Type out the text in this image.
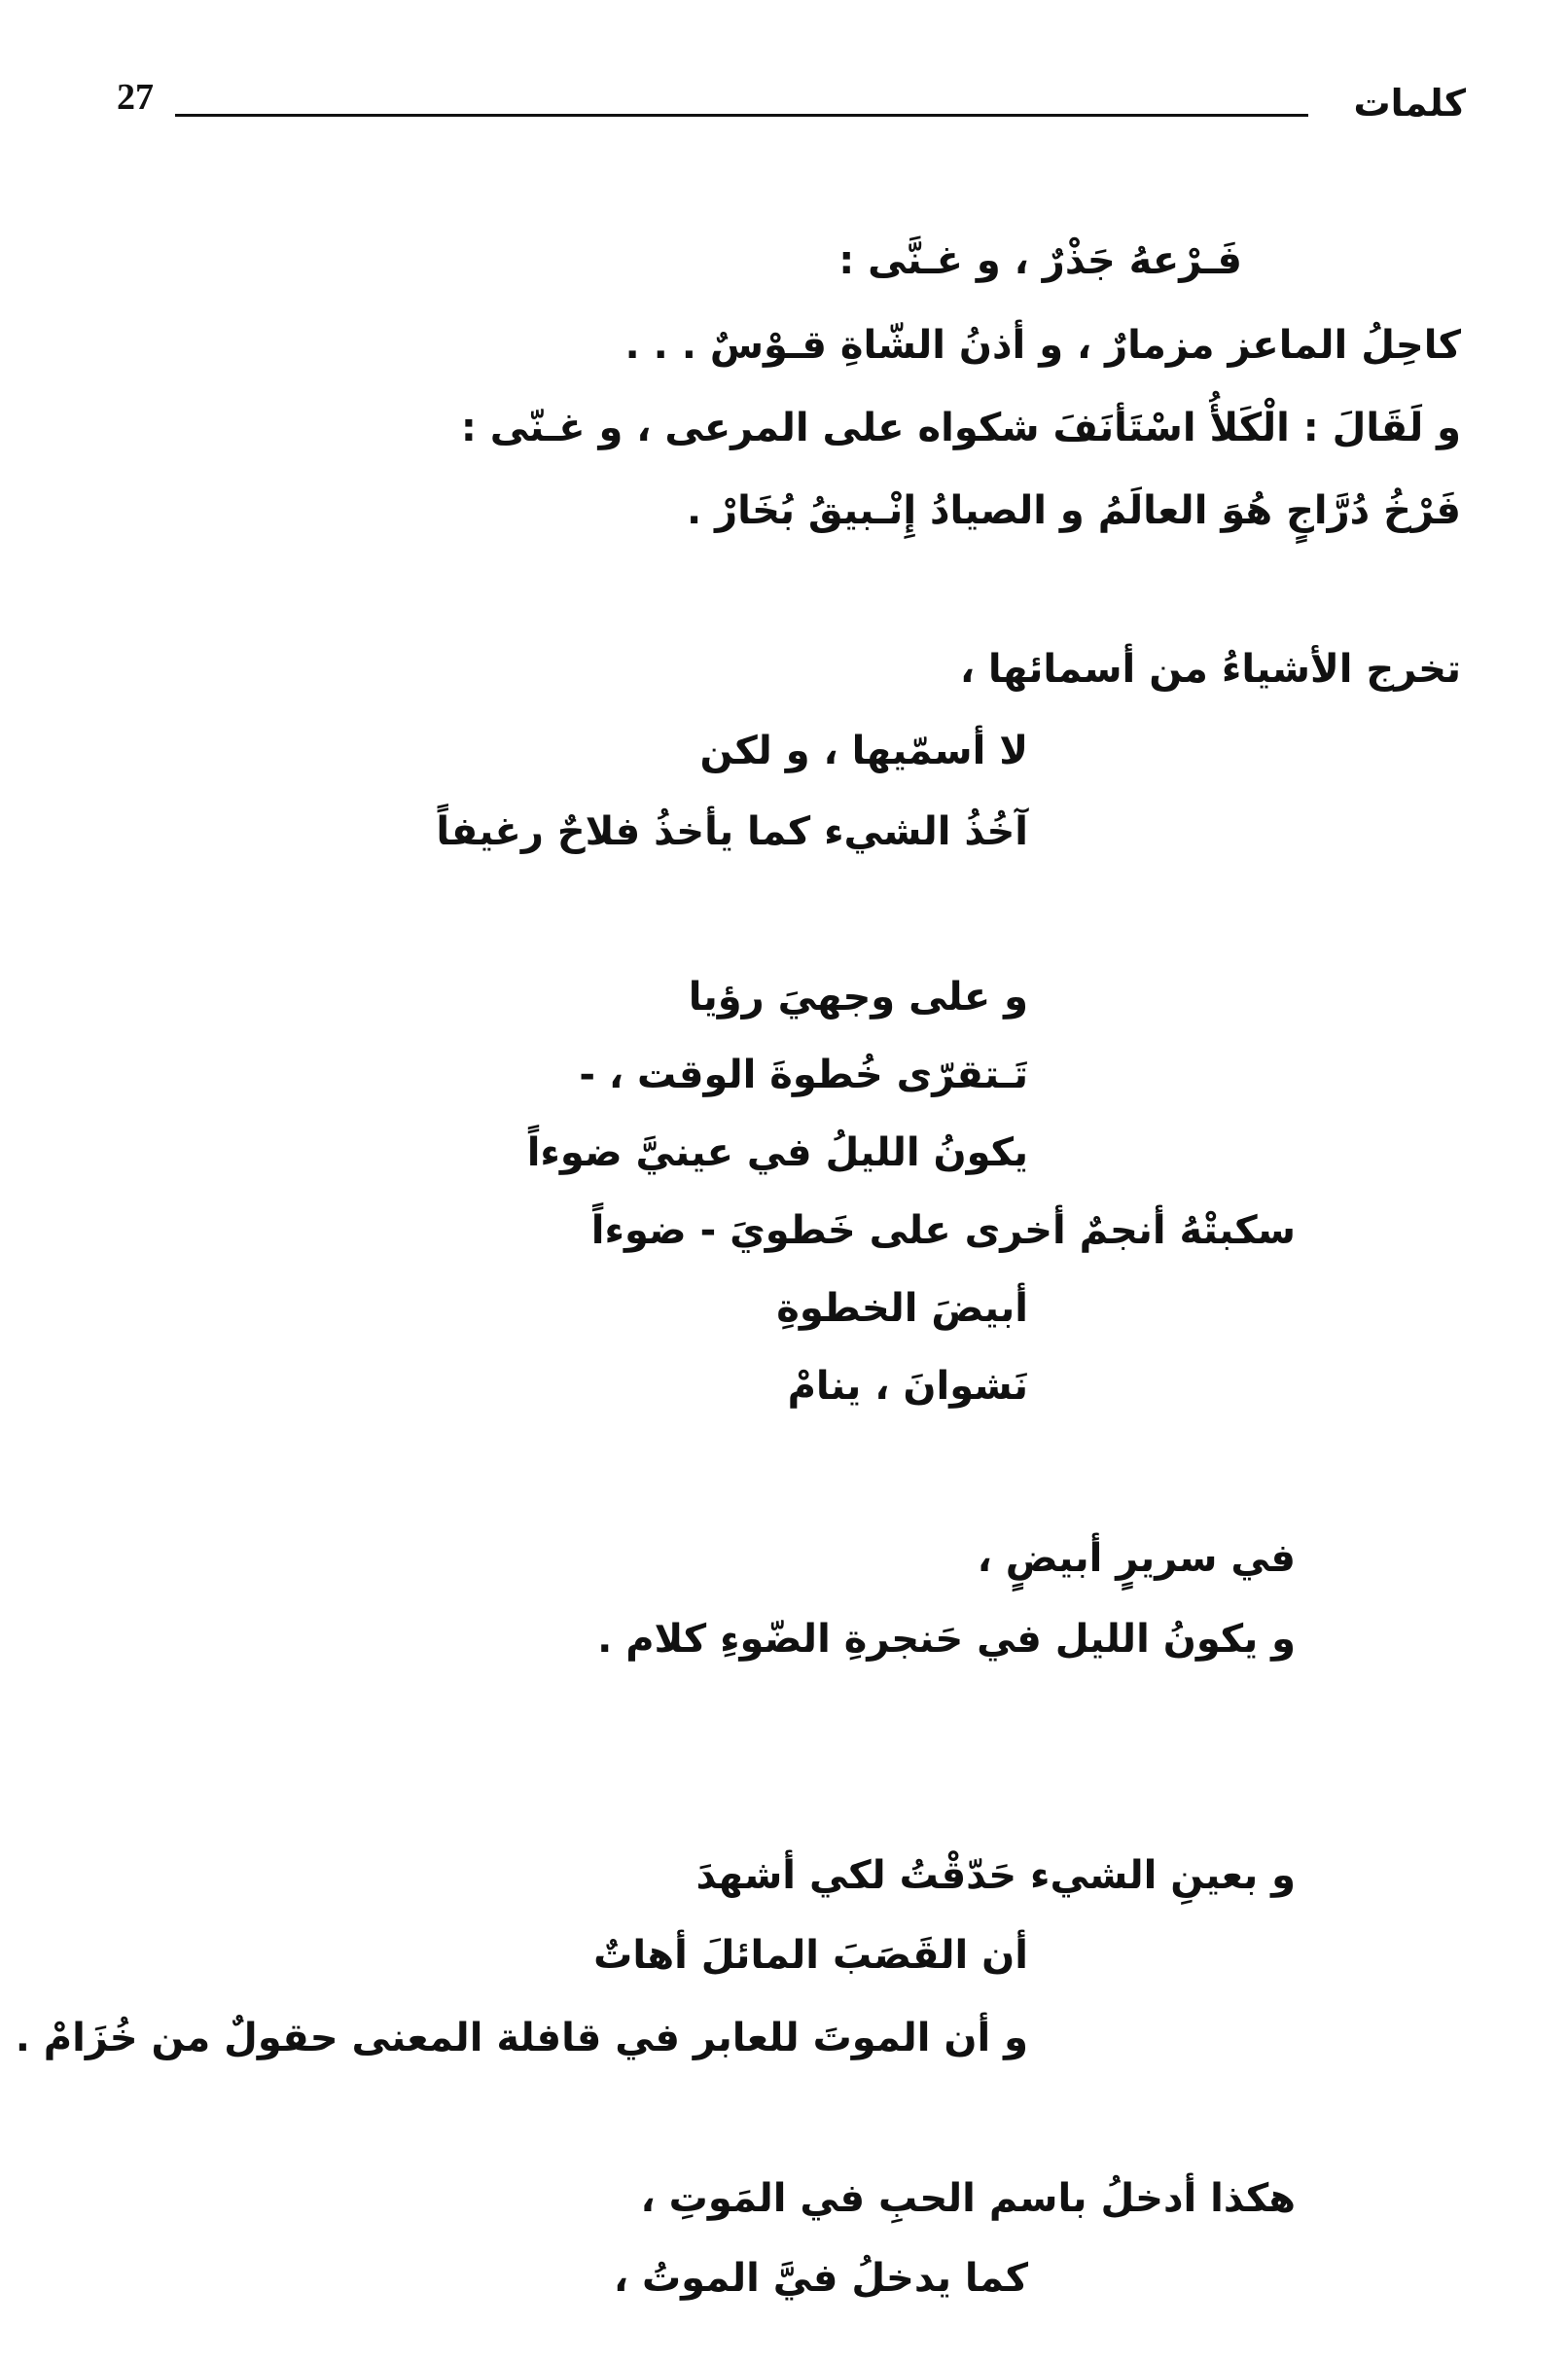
27	كلمات
فَـرْعهُ جَذْرٌ ، و غـنَّى :
كاحِلُ الماعز مزمارٌ ، و أذنُ الشّاةِ قـوْسٌ . . .
و لَقَالَ : الْكَلأُ اسْتَأنَفَ شكواه على المرعى ، و غـنّى :
فَرْخُ دُرَّاجٍ هُوَ العالَمُ و الصيادُ إِنْـبيقُ بُخَارْ .
تخرج الأشياءُ من أسمائها ،
لا أسمّيها ، و لكن
آخُذُ الشيء كما يأخذُ فلاحٌ رغيفاً
و على وجهيَ رؤيا
تَـتقرّى خُطوةَ الوقت ، -
يكونُ الليلُ في عينيَّ ضوءاً
سكبتْهُ أنجمٌ أخرى على خَطويَ - ضوءاً
أبيضَ الخطوةِ
نَشوانَ ، ينامْ
في سريرٍ أبيضٍ ،
و يكونُ الليل في حَنجرةِ الضّوءِ كلام .
و بعينِ الشيء حَدّقْتُ لكي أشهدَ
أن القَصَبَ المائلَ أهاتٌ
و أن الموتَ للعابر في قافلة المعنى حقولٌ من خُزَامْ .
هكذا أدخلُ باسم الحبِ في المَوتِ ،
كما يدخلُ فيَّ الموتُ ،
